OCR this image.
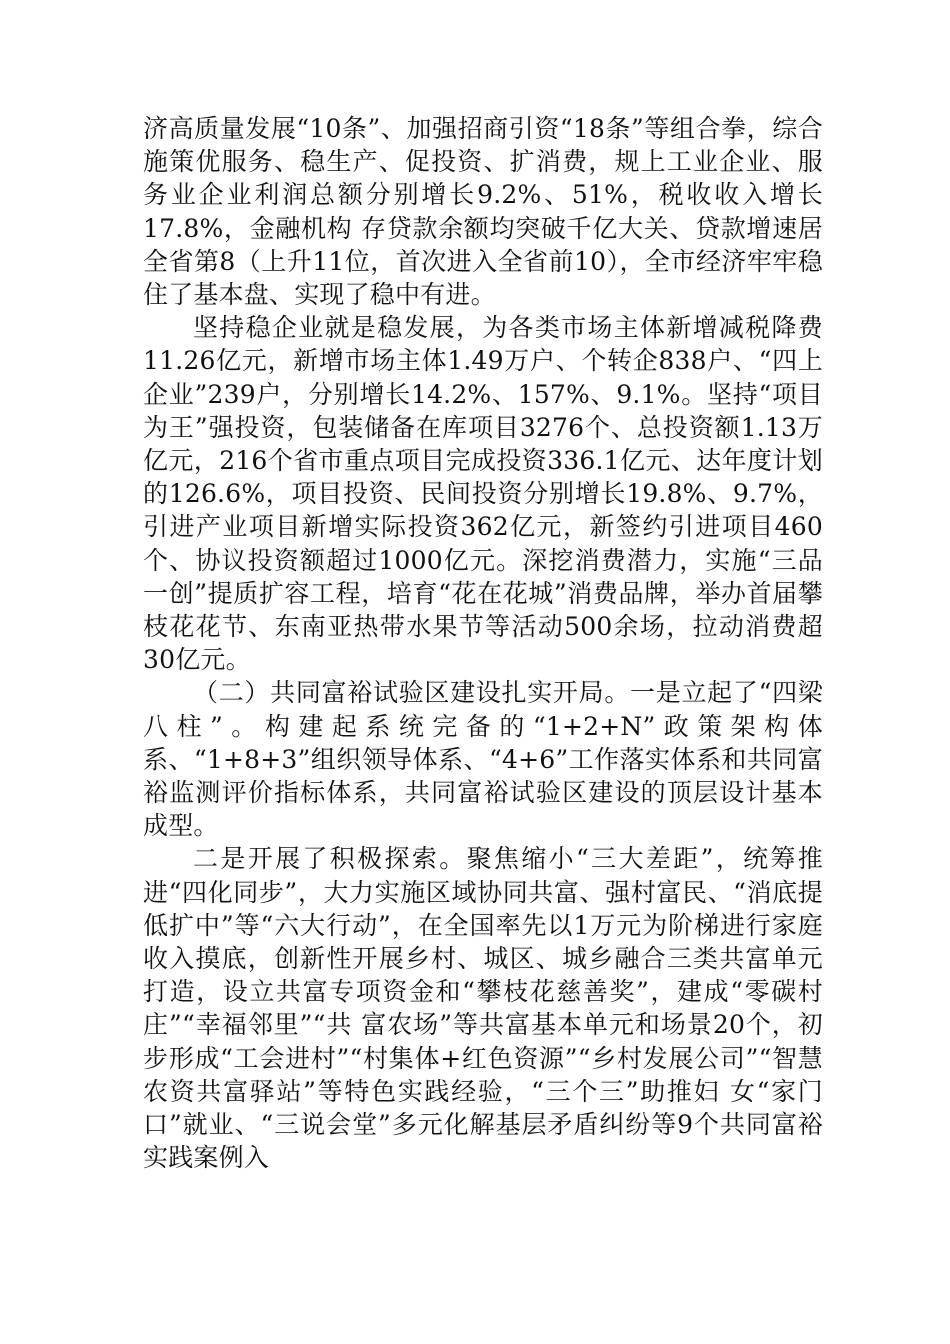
济高质量发展“10条”、加强招商引资“18条”等组合拳，综合施策优服务、稳生产、促投资、扩消费，规上工业企业、服务业企业利润总额分别增长9.2%、51%，税收收入增长17.8%，金融机构 存贷款余额均突破千亿大关、贷款增速居全省第8（上升11位，首次进入全省前10），全市经济牢牢稳住了基本盘、实现了稳中有进。

坚持稳企业就是稳发展，为各类市场主体新增减税降费11.26亿元，新增市场主体1.49万户、个转企838户、“四上企业”239户，分别增长14.2%、157%、9.1%。坚持“项目为王”强投资，包装储备在库项目3276个、总投资额1.13万亿元，216个省市重点项目完成投资336.1亿元、达年度计划的126.6%，项目投资、民间投资分别增长19.8%、9.7%，引进产业项目新增实际投资362亿元，新签约引进项目460个、协议投资额超过1000亿元。深挖消费潜力，实施“三品一创”提质扩容工程，培育“花在花城”消费品牌，举办首届攀枝花花节、东南亚热带水果节等活动500余场，拉动消费超30亿元。

（二）共同富裕试验区建设扎实开局。一是立起了“四梁八柱”。构建起系统完备的“1+2+N”政策架构体系、“1+8+3”组织领导体系、“4+6”工作落实体系和共同富裕监测评价指标体系，共同富裕试验区建设的顶层设计基本成型。

二是开展了积极探索。聚焦缩小“三大差距”，统筹推进“四化同步”，大力实施区域协同共富、强村富民、“消底提低扩中”等“六大行动”，在全国率先以1万元为阶梯进行家庭收入摸底，创新性开展乡村、城区、城乡融合三类共富单元打造，设立共富专项资金和“攀枝花慈善奖”，建成“零碳村庄”“幸福邻里”“共 富农场”等共富基本单元和场景20个，初步形成“工会进村”“村集体+红色资源”“乡村发展公司”“智慧农资共富驿站”等特色实践经验，“三个三”助推妇 女“家门口”就业、“三说会堂”多元化解基层矛盾纠纷等9个共同富裕实践案例入
